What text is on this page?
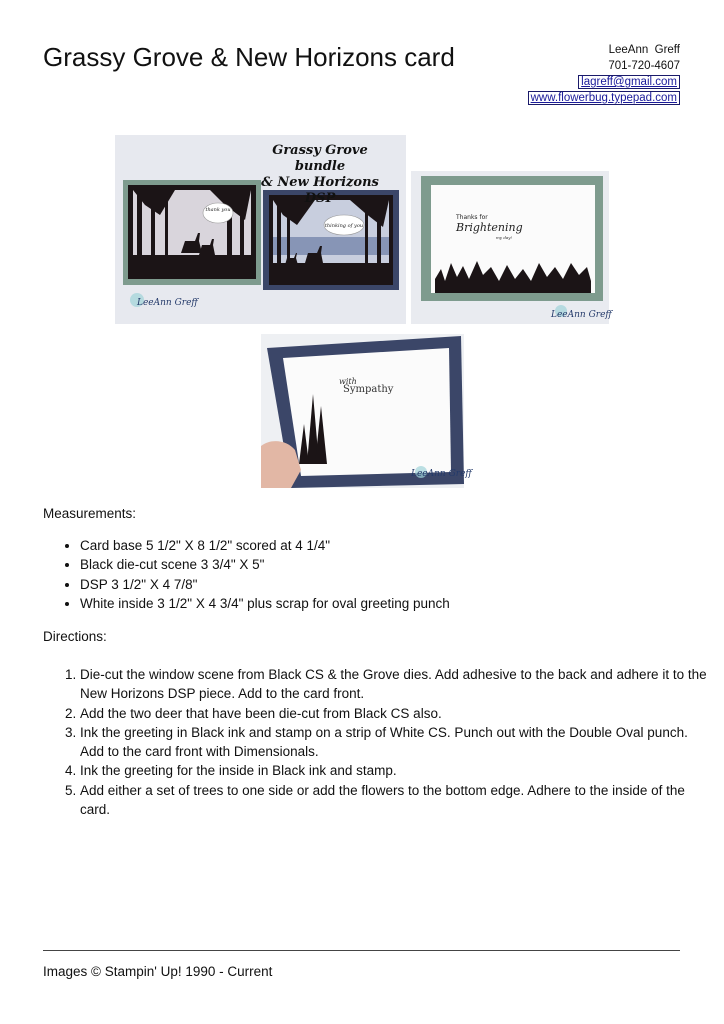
Grassy Grove & New Horizons card	LeeAnn  Greff
701-720-4607
lagreff@gmail.com
www.flowerbug.typepad.com
thank you
thinking of you
LeeAnn Greff
Grassy Grove bundle
& New Horizons DSP
Thanks for
Brightening
my day!
LeeAnn Greff
with
Sympathy
LeeAnn Greff
Measurements:
• Card base 5 1/2" X 8 1/2" scored at 4 1/4"
• Black die-cut scene 3 3/4" X 5"
• DSP 3 1/2" X 4 7/8"
• White inside 3 1/2" X 4 3/4" plus scrap for oval greeting punch
Directions:
1. Die-cut the window scene from Black CS & the Grove dies. Add adhesive to the back and adhere it to the New Horizons DSP piece. Add to the card front.
2. Add the two deer that have been die-cut from Black CS also.
3. Ink the greeting in Black ink and stamp on a strip of White CS. Punch out with the Double Oval punch. Add to the card front with Dimensionals.
4. Ink the greeting for the inside in Black ink and stamp.
5. Add either a set of trees to one side or add the flowers to the bottom edge. Adhere to the inside of the card.
Images © Stampin' Up! 1990 - Current
